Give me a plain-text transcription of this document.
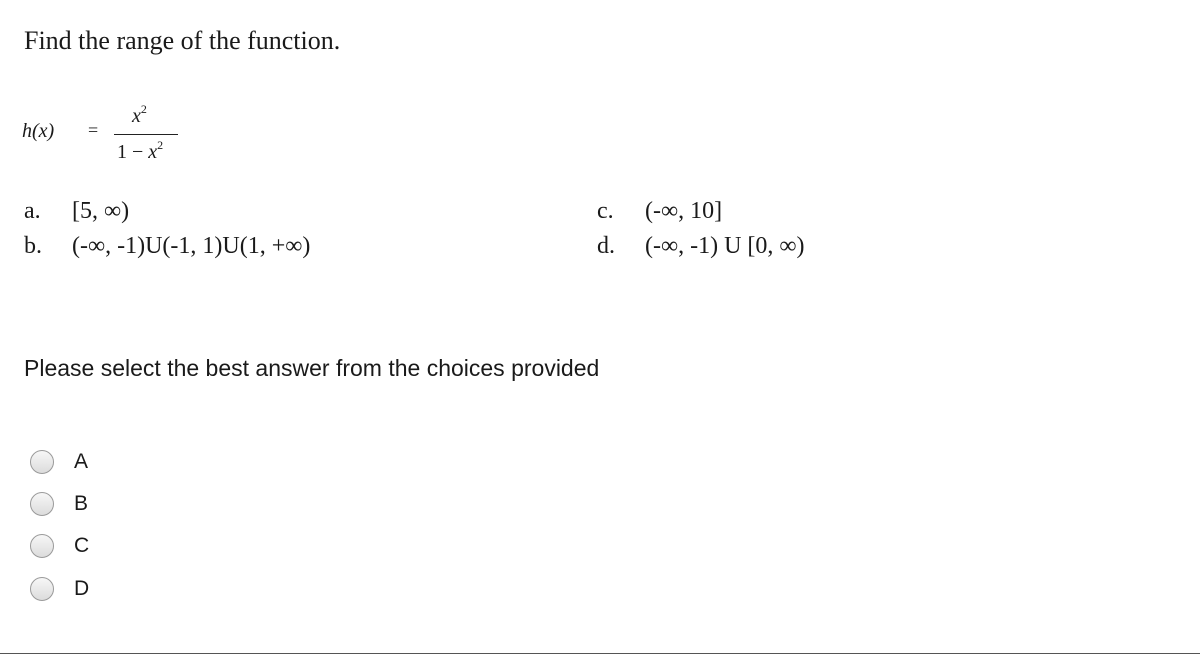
Find the range of the function.
h(x) =
$x^2$
$1 - x^2$
a. [5, ∞)
b. (-∞, -1)U(-1, 1)U(1, +∞)
c. (-∞, 10]
d. (-∞, -1) U [0, ∞)
Please select the best answer from the choices provided
A
B
C
D
